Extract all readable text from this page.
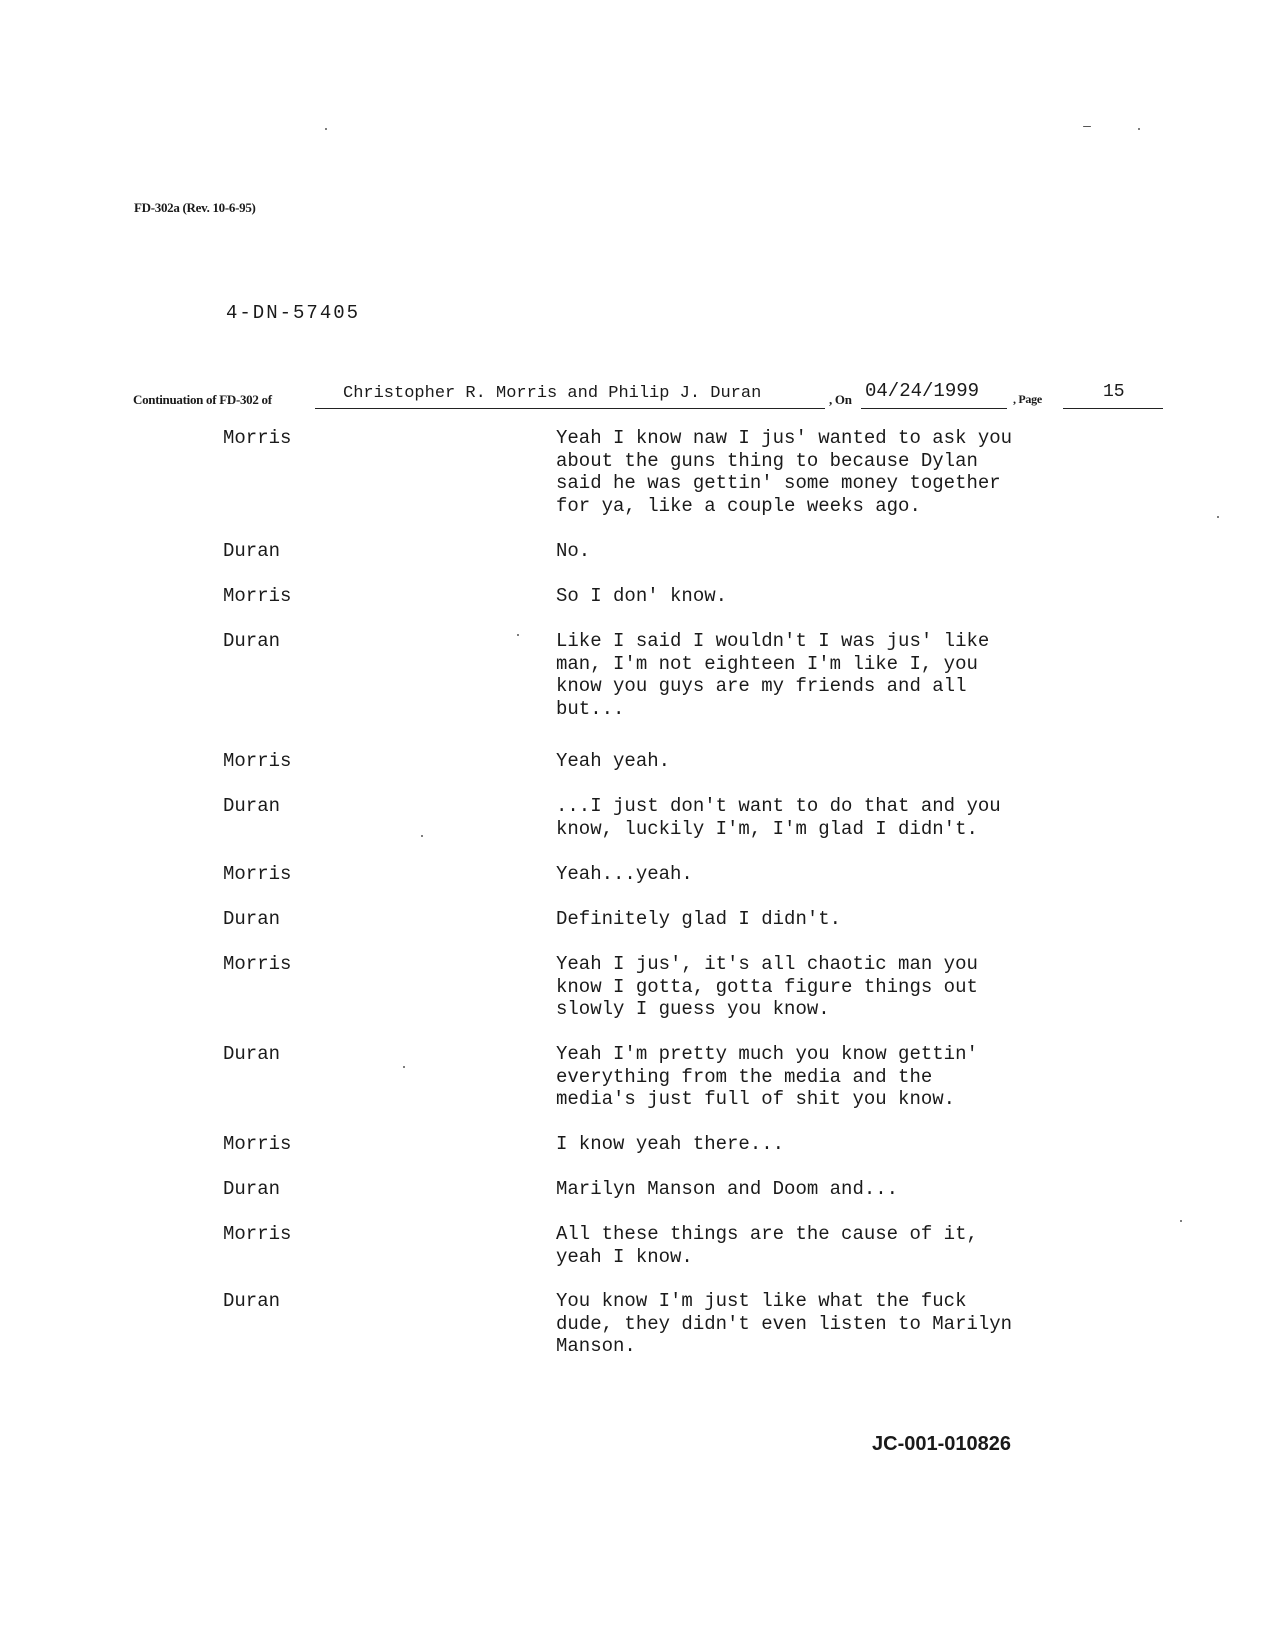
FD-302a (Rev. 10-6-95)
4-DN-57405
Continuation of FD-302 of	Christopher R. Morris and Philip J. Duran	, On 04/24/1999	, Page	15
Morris	Yeah I know naw I jus' wanted to ask you
about the guns thing to because Dylan
said he was gettin' some money together
for ya, like a couple weeks ago.
Duran	No.
Morris	So I don' know.
Duran	Like I said I wouldn't I was jus' like
man, I'm not eighteen I'm like I, you
know you guys are my friends and all
but...
Morris	Yeah yeah.
Duran	...I just don't want to do that and you
know, luckily I'm, I'm glad I didn't.
Morris	Yeah...yeah.
Duran	Definitely glad I didn't.
Morris	Yeah I jus', it's all chaotic man you
know I gotta, gotta figure things out
slowly I guess you know.
Duran	Yeah I'm pretty much you know gettin'
everything from the media and the
media's just full of shit you know.
Morris	I know yeah there...
Duran	Marilyn Manson and Doom and...
Morris	All these things are the cause of it,
yeah I know.
Duran	You know I'm just like what the fuck
dude, they didn't even listen to Marilyn
Manson.
JC-001-010826
